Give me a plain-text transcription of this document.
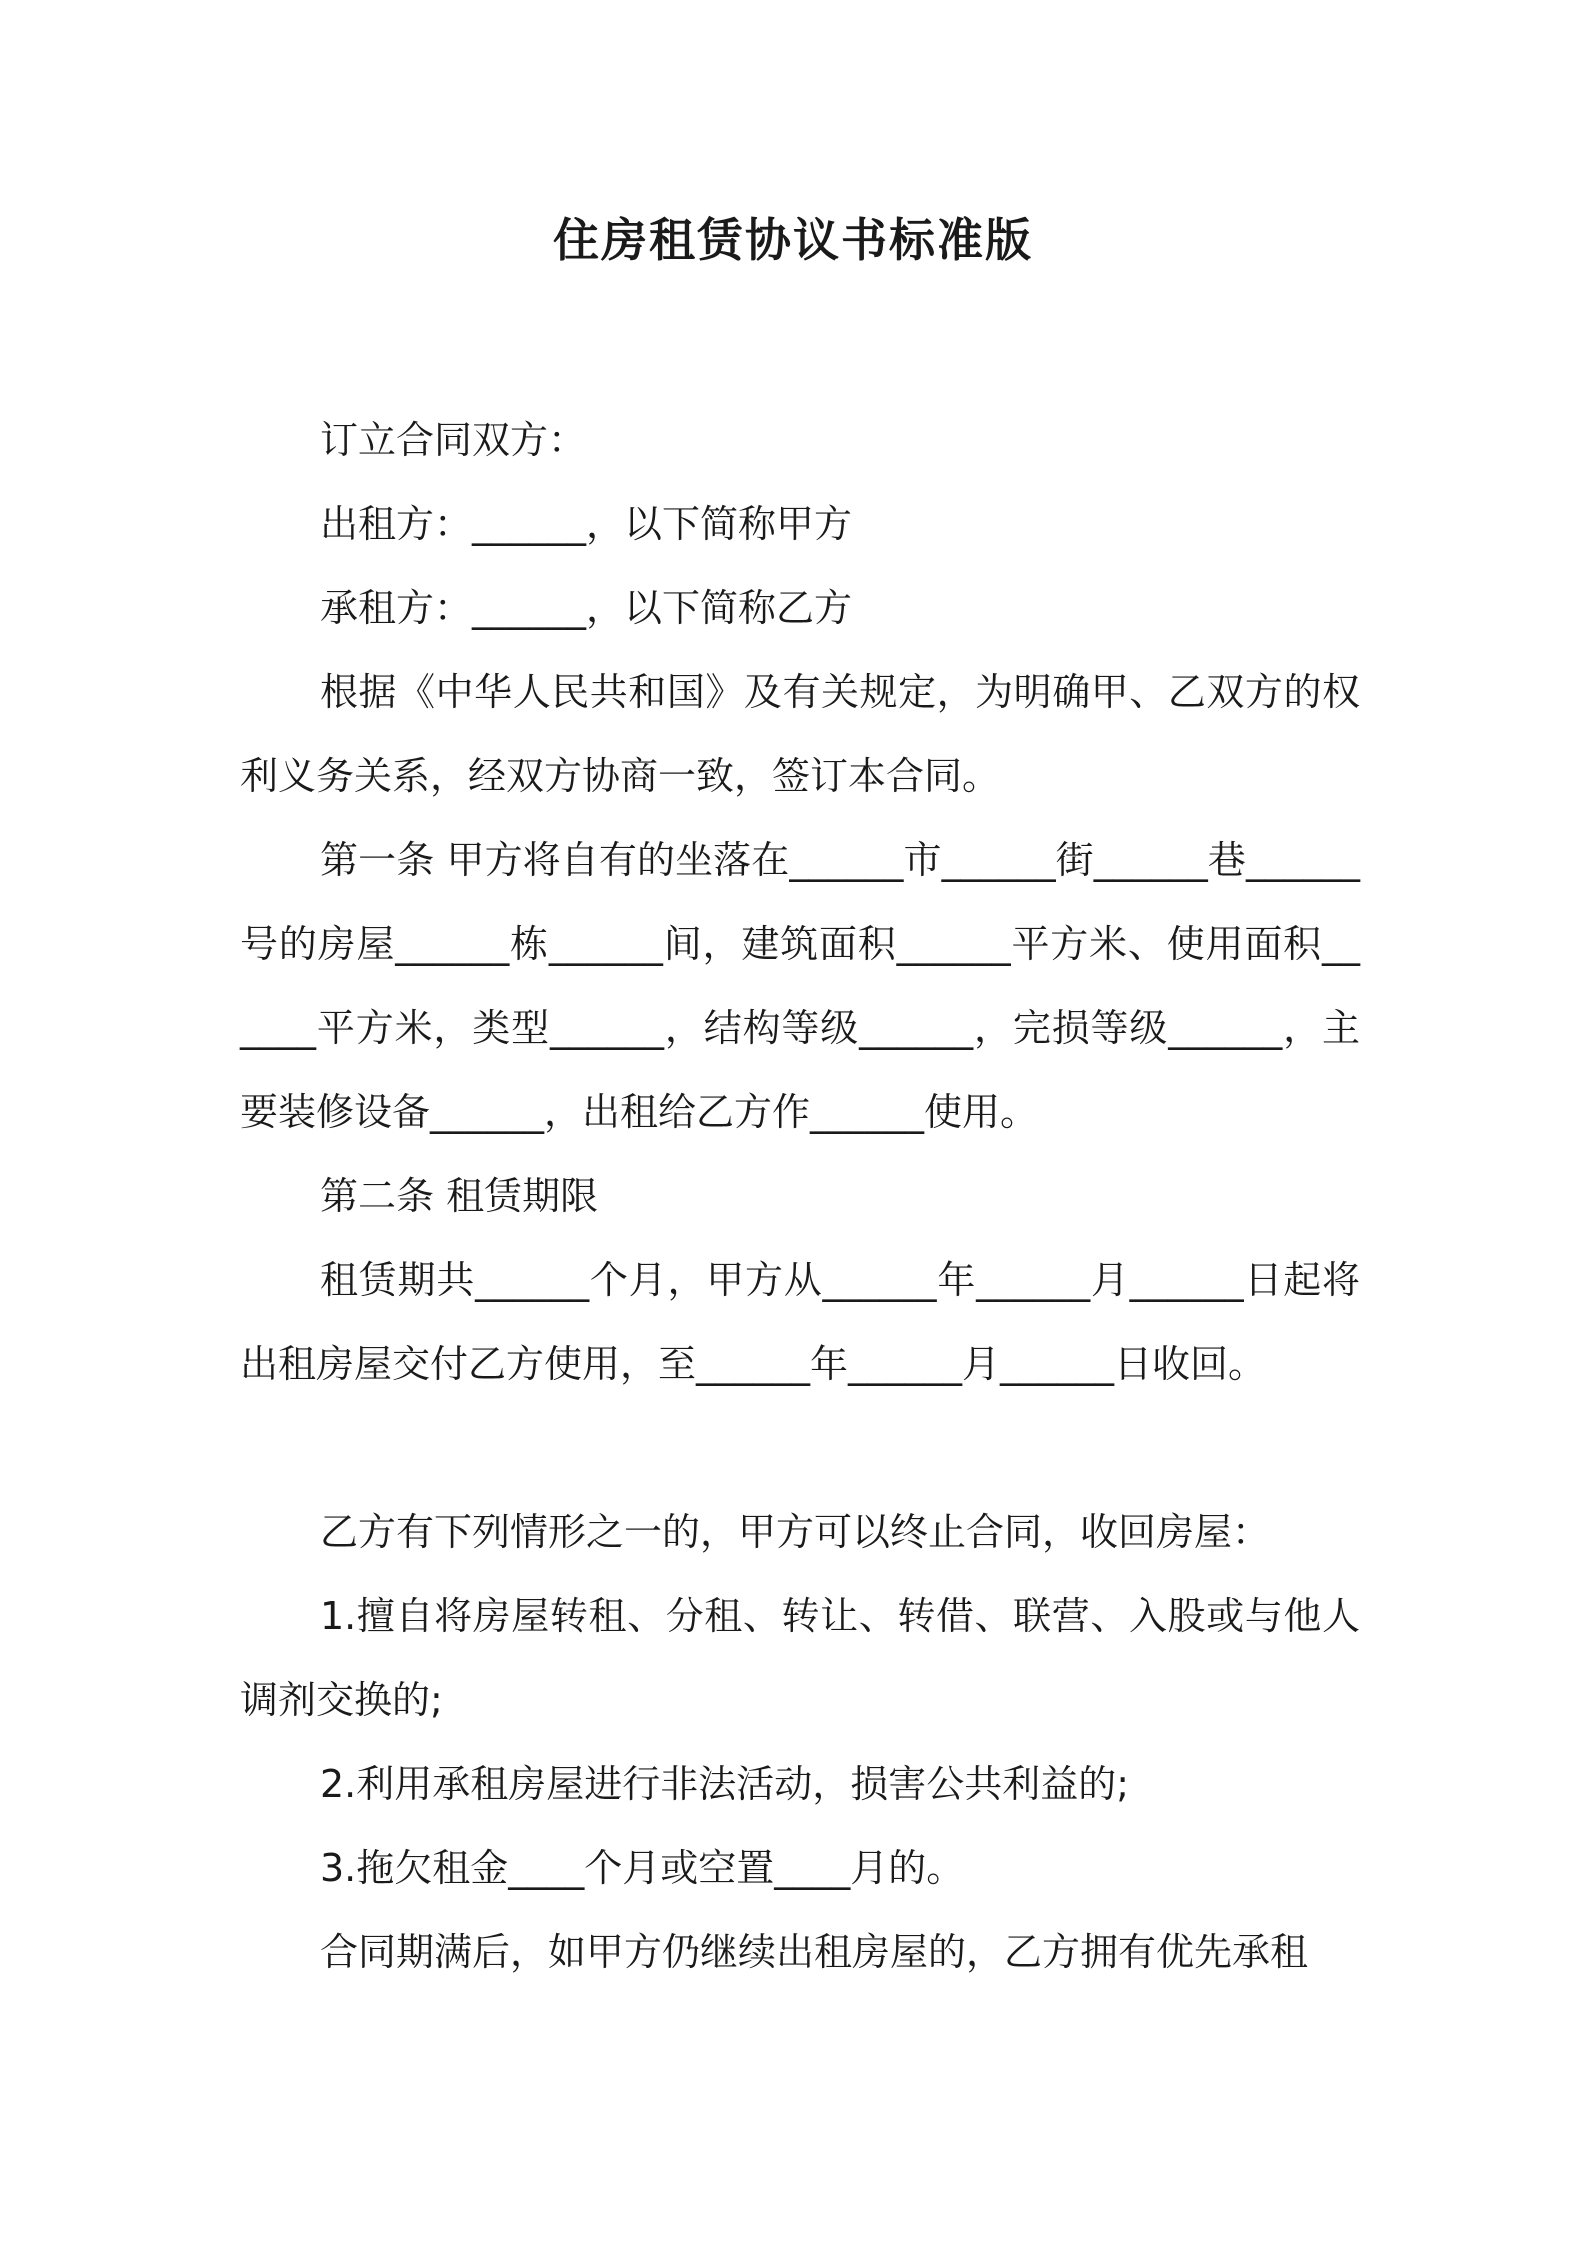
住房租赁协议书标准版

订立合同双方：

出租方：______，以下简称甲方

承租方：______，以下简称乙方

根据《中华人民共和国》及有关规定，为明确甲、乙双方的权利义务关系，经双方协商一致，签订本合同。

第一条 甲方将自有的坐落在______市______街______巷______号的房屋______栋______间，建筑面积______平方米、使用面积______平方米，类型______，结构等级______，完损等级______，主要装修设备______，出租给乙方作______使用。

第二条 租赁期限

租赁期共______个月，甲方从______年______月______日起将出租房屋交付乙方使用，至______年______月______日收回。

乙方有下列情形之一的，甲方可以终止合同，收回房屋：

1.擅自将房屋转租、分租、转让、转借、联营、入股或与他人调剂交换的;

2.利用承租房屋进行非法活动，损害公共利益的;

3.拖欠租金____个月或空置____月的。

合同期满后，如甲方仍继续出租房屋的，乙方拥有优先承租
